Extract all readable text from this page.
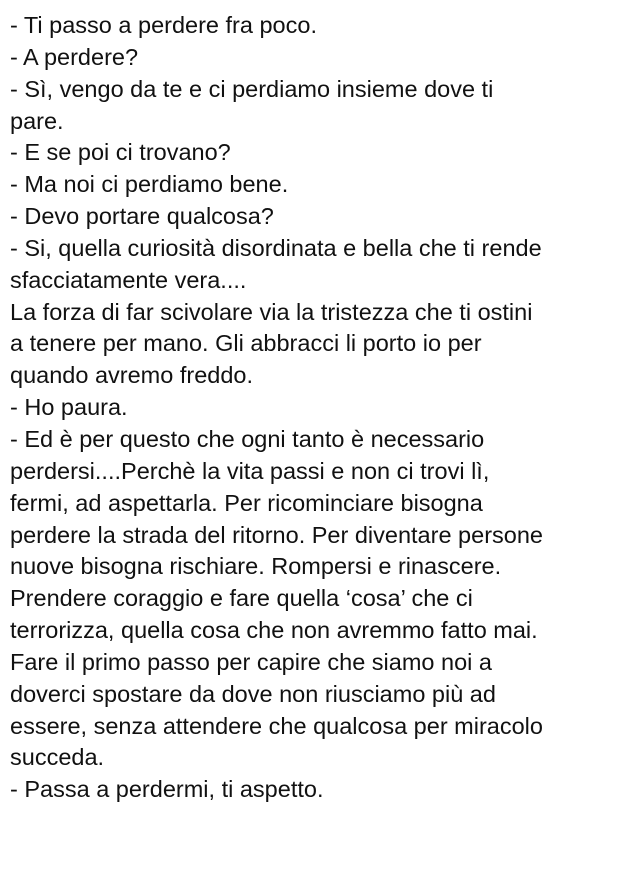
- Ti passo a perdere fra poco.
- A perdere?
- Sì, vengo da te e ci perdiamo insieme dove ti
pare.
- E se poi ci trovano?
- Ma noi ci perdiamo bene.
- Devo portare qualcosa?
- Si, quella curiosità disordinata e bella che ti rende
sfacciatamente vera....
La forza di far scivolare via la tristezza che ti ostini
a tenere per mano. Gli abbracci li porto io per
quando avremo freddo.
- Ho paura.
- Ed è per questo che ogni tanto è necessario
perdersi....Perchè la vita passi e non ci trovi lì,
fermi, ad aspettarla. Per ricominciare bisogna
perdere la strada del ritorno. Per diventare persone
nuove bisogna rischiare. Rompersi e rinascere.
Prendere coraggio e fare quella ‘cosa’ che ci
terrorizza, quella cosa che non avremmo fatto mai.
Fare il primo passo per capire che siamo noi a
doverci spostare da dove non riusciamo più ad
essere, senza attendere che qualcosa per miracolo
succeda.
- Passa a perdermi, ti aspetto.
